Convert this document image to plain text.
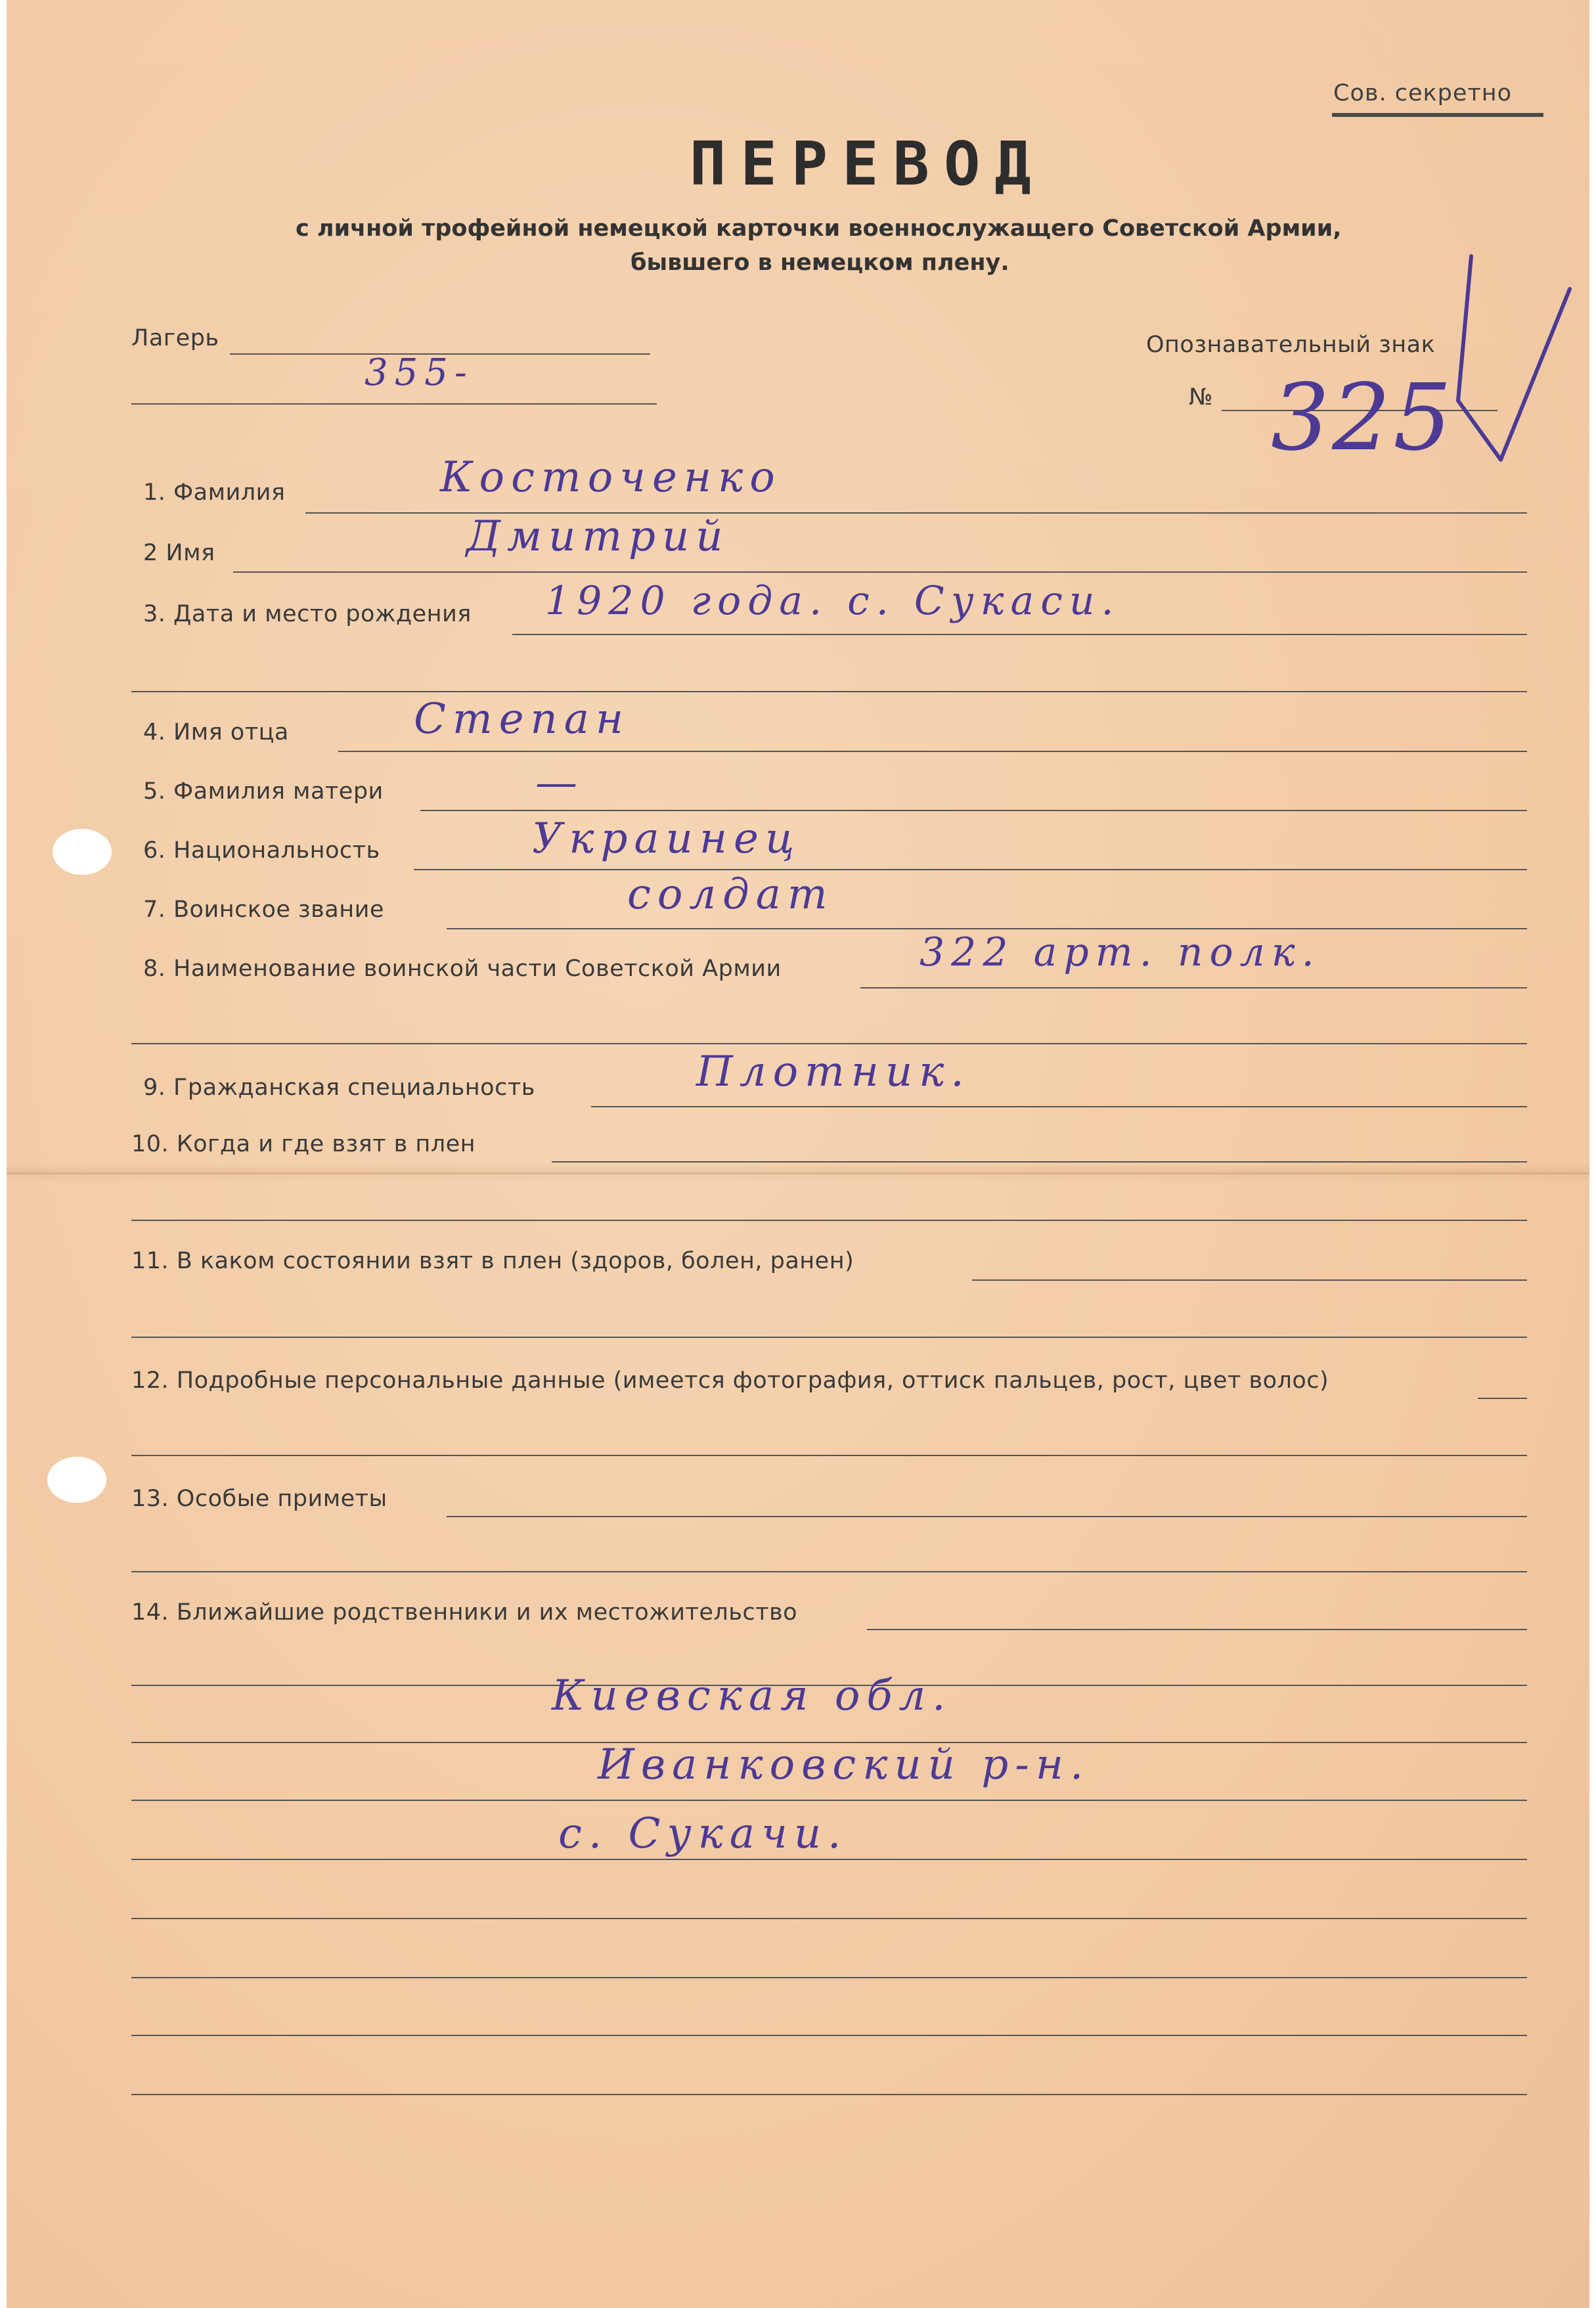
Сов. секретно
ПЕРЕВОД
с личной трофейной немецкой карточки военнослужащего Советской Армии,
бывшего в немецком плену.
Лагерь
355-
Опознавательный знак
№ 325
1. Фамилия	Косточенко
2 Имя	Дмитрий
3. Дата и место рождения 1920 года. с. Сукаси.
4. Имя отца	Степан
5. Фамилия матери	—
6. Национальность	Украинец
7. Воинское звание	солдат
8. Наименование воинской части Советской Армии	322 арт. полк.
9. Гражданская специальность	Плотник.
10. Когда и где взят в плен
11. В каком состоянии взят в плен (здоров, болен, ранен)
12. Подробные персональные данные (имеется фотография, оттиск пальцев, рост, цвет волос)
13. Особые приметы
14. Ближайшие родственники и их местожительство
Киевская обл.
Иванковский р-н.
с. Сукачи.
